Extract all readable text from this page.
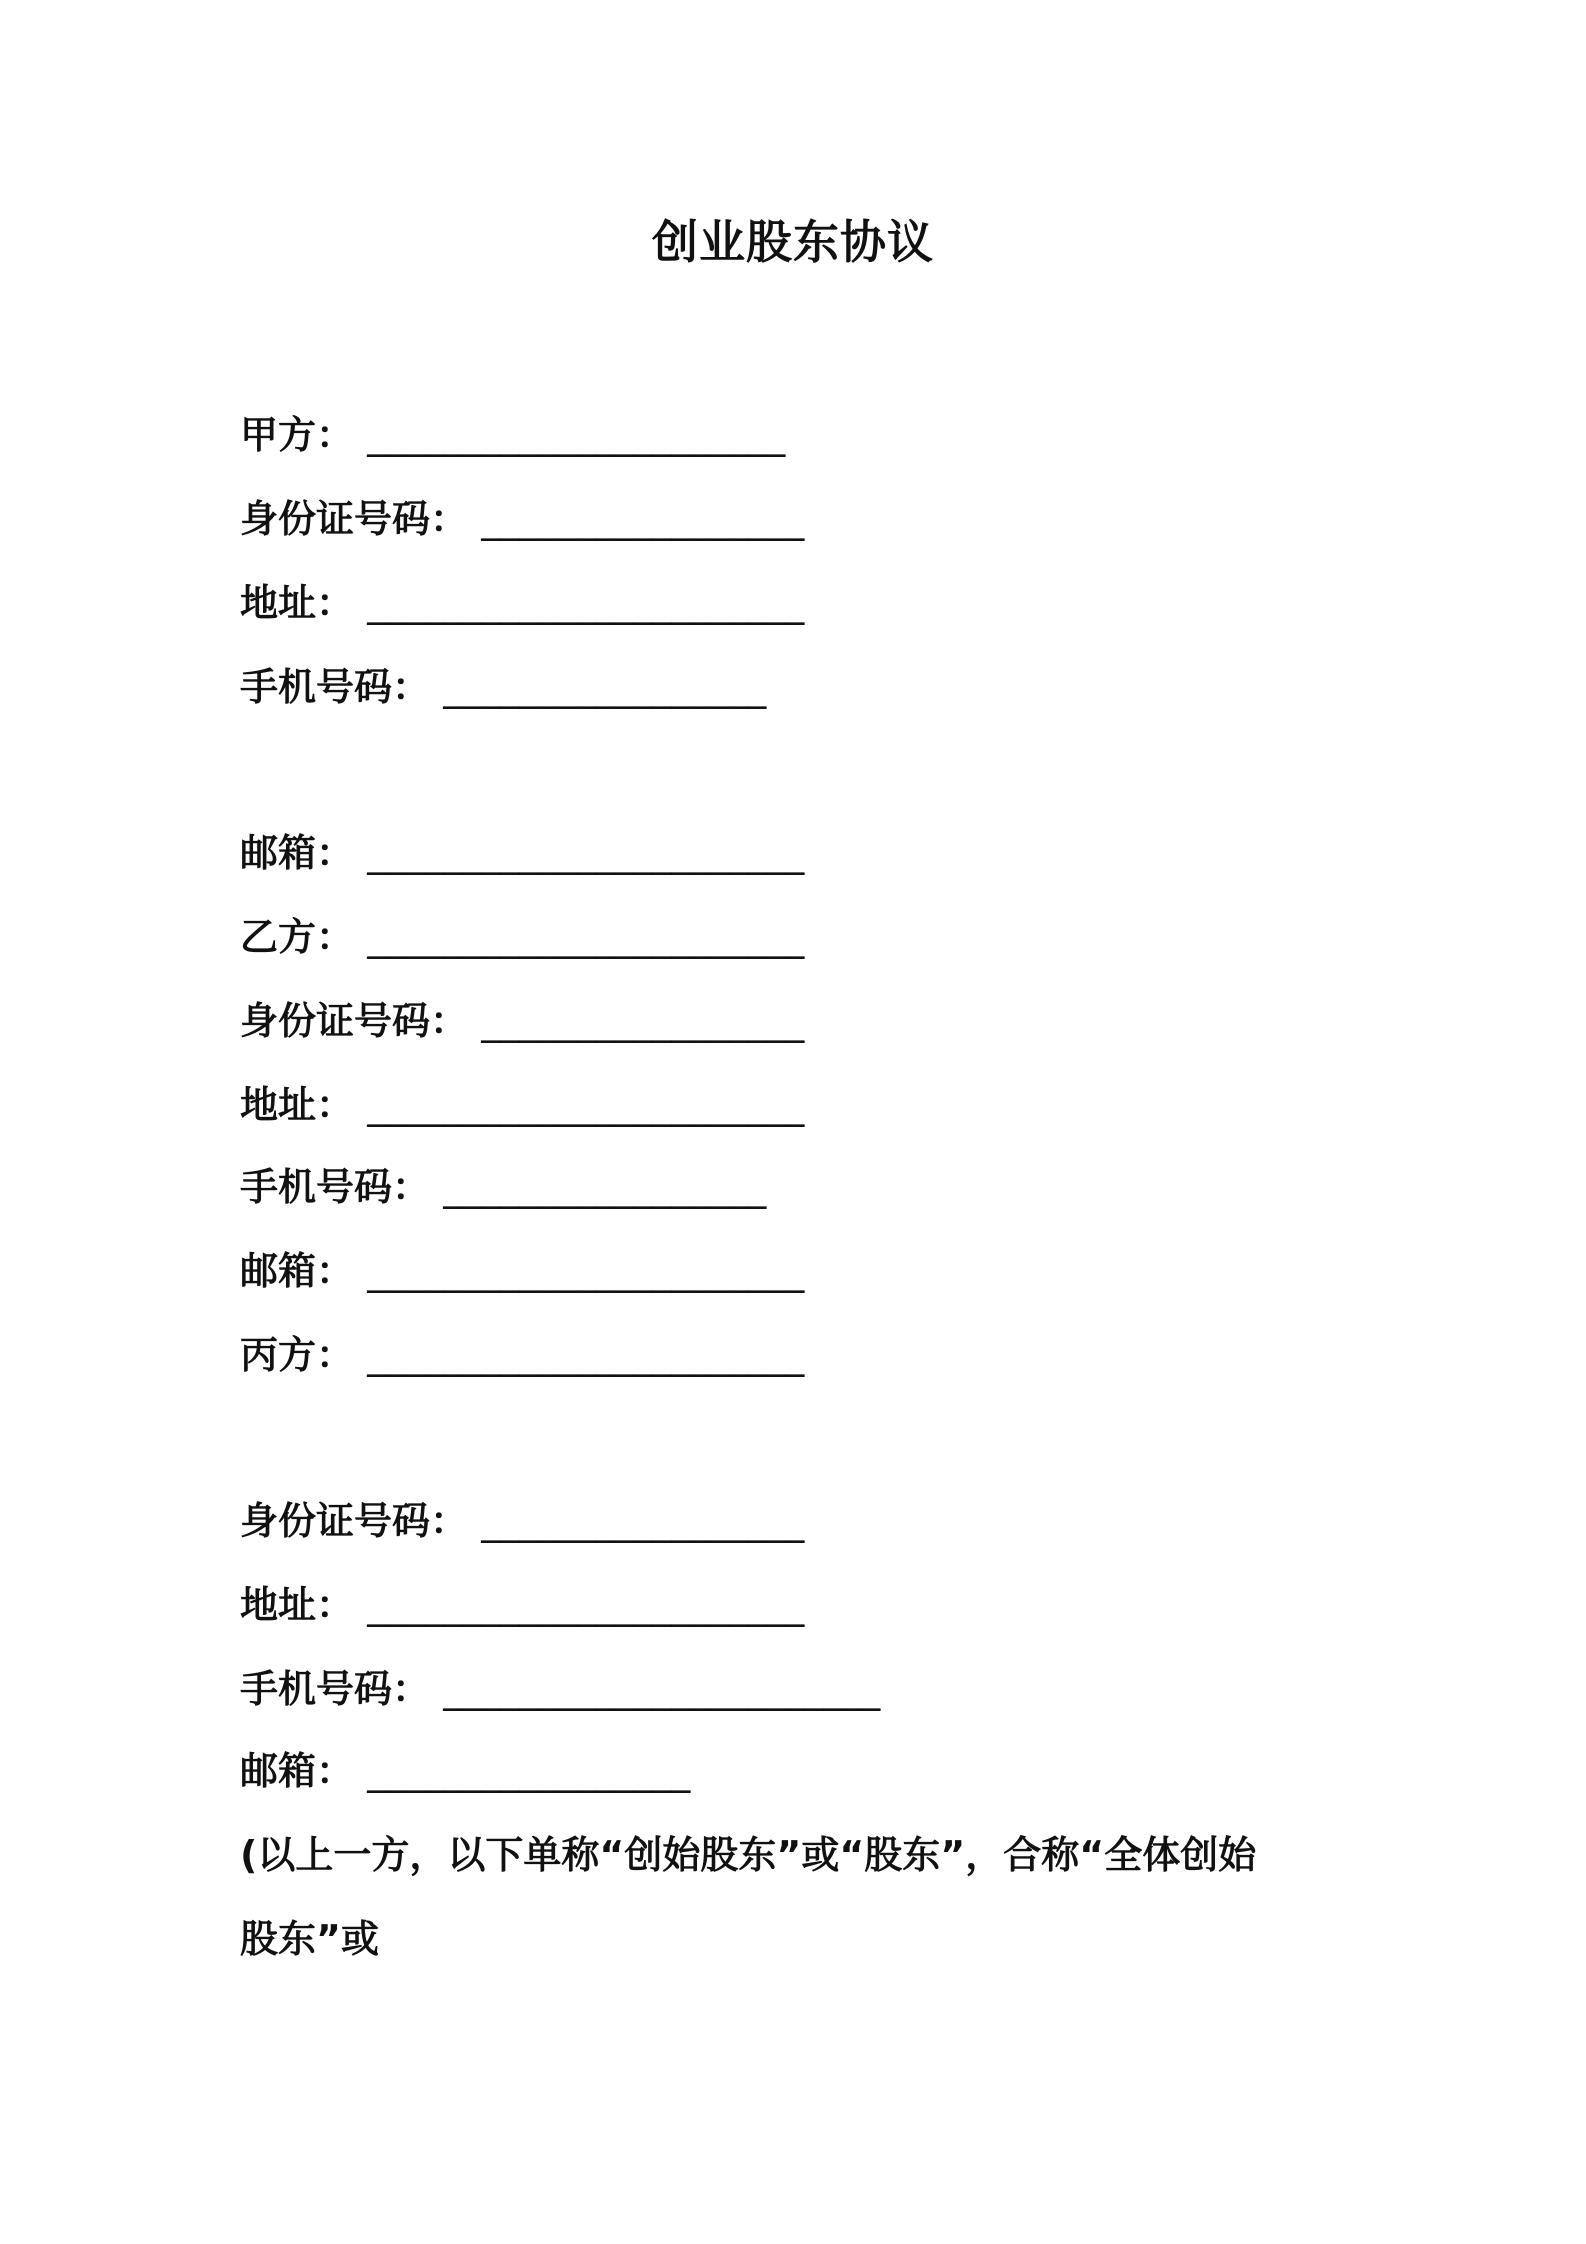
创业股东协议
甲方： ______________________
身份证号码： _________________
地址： _______________________
手机号码： _________________
邮箱： _______________________
乙方： _______________________
身份证号码： _________________
地址： _______________________
手机号码： _________________
邮箱： _______________________
丙方： _______________________
身份证号码： _________________
地址： _______________________
手机号码： _______________________
邮箱： _________________
(以上一方，以下单称“创始股东”或“股东”，合称“全体创始
股东”或
